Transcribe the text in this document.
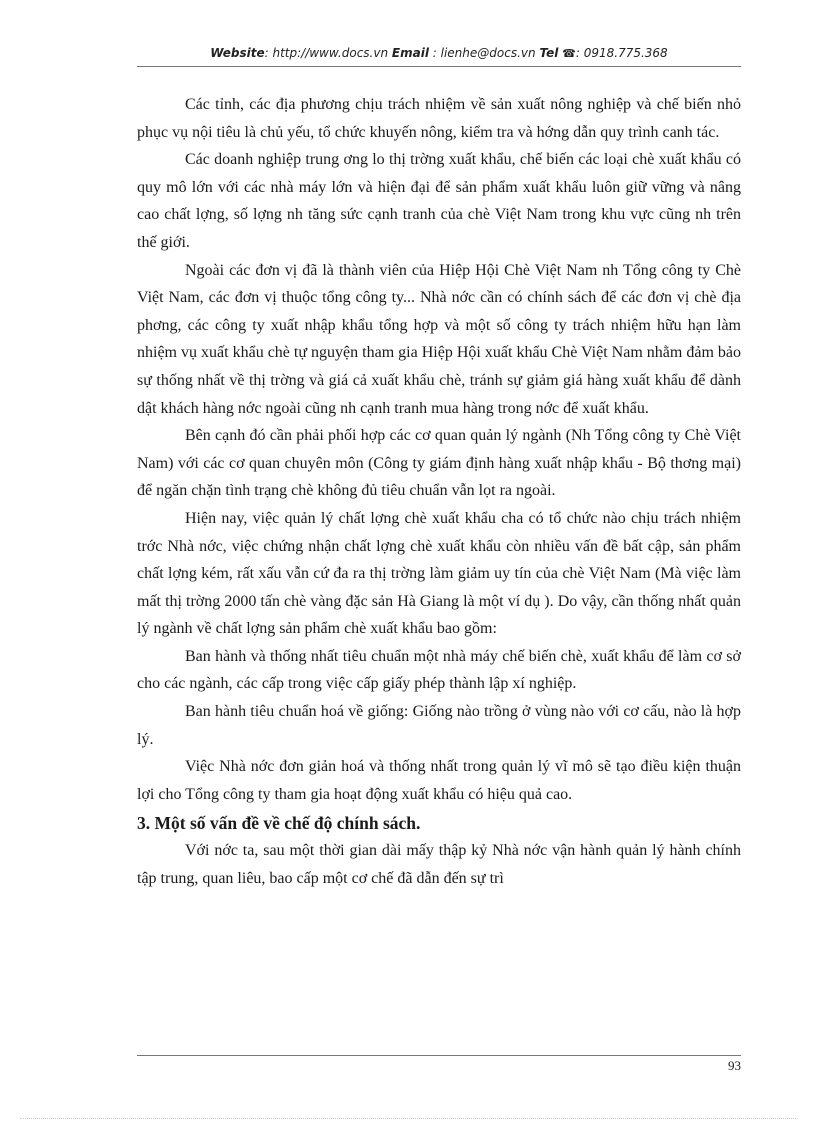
Website: http://www.docs.vn Email : lienhe@docs.vn Tel ☎: 0918.775.368

Các tỉnh, các địa phương chịu trách nhiệm về sản xuất nông nghiệp và chế biến nhỏ phục vụ nội tiêu là chủ yếu, tổ chức khuyến nông, kiểm tra và hớng dẫn quy trình canh tác.

Các doanh nghiệp trung ơng lo thị trờng xuất khẩu, chế biến các loại chè xuất khẩu có quy mô lớn với các nhà máy lớn và hiện đại để sản phẩm xuất khẩu luôn giữ vững và nâng cao chất lợng, số lợng nh tăng sức cạnh tranh của chè Việt Nam trong khu vực cũng nh trên thế giới.

Ngoài các đơn vị đã là thành viên của Hiệp Hội Chè Việt Nam nh Tổng công ty Chè Việt Nam, các đơn vị thuộc tổng công ty... Nhà nớc cần có chính sách để các đơn vị chè địa phơng, các công ty xuất nhập khẩu tổng hợp và một số công ty trách nhiệm hữu hạn làm nhiệm vụ xuất khẩu chè tự nguyện tham gia Hiệp Hội xuất khẩu Chè Việt Nam nhằm đảm bảo sự thống nhất về thị trờng và giá cả xuất khẩu chè, tránh sự giảm giá hàng xuất khẩu để dành dật khách hàng nớc ngoài cũng nh cạnh tranh mua hàng trong nớc để xuất khẩu.

Bên cạnh đó cần phải phối hợp các cơ quan quản lý ngành (Nh Tổng công ty Chè Việt Nam) với các cơ quan chuyên môn (Công ty giám định hàng xuất nhập khẩu - Bộ thơng mại) để ngăn chặn tình trạng chè không đủ tiêu chuẩn vẫn lọt ra ngoài.

Hiện nay, việc quản lý chất lợng chè xuất khẩu cha có tổ chức nào chịu trách nhiệm trớc Nhà nớc, việc chứng nhận chất lợng chè xuất khẩu còn nhiều vấn đề bất cập, sản phẩm chất lợng kém, rất xấu vẫn cứ đa ra thị trờng làm giảm uy tín của chè Việt Nam (Mà việc làm mất thị trờng 2000 tấn chè vàng đặc sản Hà Giang là một ví dụ ). Do vậy, cần thống nhất quản lý ngành về chất lợng sản phẩm chè xuất khẩu bao gồm:

Ban hành và thống nhất tiêu chuẩn một nhà máy chế biến chè, xuất khẩu để làm cơ sở cho các ngành, các cấp trong việc cấp giấy phép thành lập xí nghiệp.

Ban hành tiêu chuẩn hoá về giống: Giống nào trồng ở vùng nào với cơ cấu, nào là hợp lý.

Việc Nhà nớc đơn giản hoá và thống nhất trong quản lý vĩ mô sẽ tạo điều kiện thuận lợi cho Tổng công ty tham gia hoạt động xuất khẩu có hiệu quả cao.

3. Một số vấn đề về chế độ chính sách.

Với nớc ta, sau một thời gian dài mấy thập kỷ Nhà nớc vận hành quản lý hành chính tập trung, quan liêu, bao cấp một cơ chế đã dẫn đến sự trì

93
